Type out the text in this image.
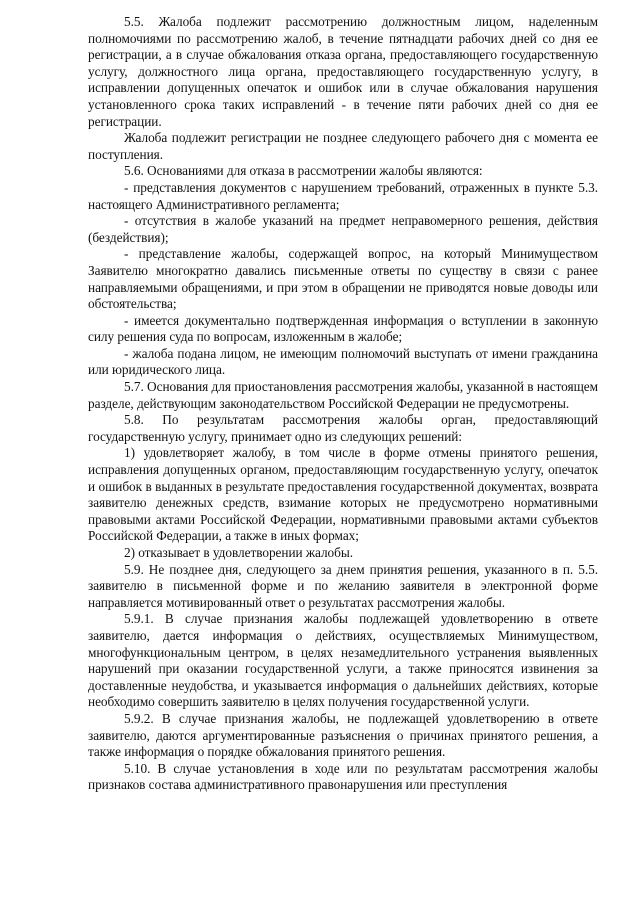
5.5. Жалоба подлежит рассмотрению должностным лицом, наделенным полномочиями по рассмотрению жалоб, в течение пятнадцати рабочих дней со дня ее регистрации, а в случае обжалования отказа органа, предоставляющего государственную услугу, должностного лица органа, предоставляющего государственную услугу, в исправлении допущенных опечаток и ошибок или в случае обжалования нарушения установленного срока таких исправлений - в течение пяти рабочих дней со дня ее регистрации.

Жалоба подлежит регистрации не позднее следующего рабочего дня с момента ее поступления.

5.6. Основаниями для отказа в рассмотрении жалобы являются:

- представления документов с нарушением требований, отраженных в пункте 5.3. настоящего Административного регламента;

- отсутствия в жалобе указаний на предмет неправомерного решения, действия (бездействия);

- представление жалобы, содержащей вопрос, на который Минимуществом Заявителю многократно давались письменные ответы по существу в связи с ранее направляемыми обращениями, и при этом в обращении не приводятся новые доводы или обстоятельства;

- имеется документально подтвержденная информация о вступлении в законную силу решения суда по вопросам, изложенным в жалобе;

- жалоба подана лицом, не имеющим полномочий выступать от имени гражданина или юридического лица.

5.7. Основания для приостановления рассмотрения жалобы, указанной в настоящем разделе, действующим законодательством Российской Федерации не предусмотрены.

5.8. По результатам рассмотрения жалобы орган, предоставляющий государственную услугу, принимает одно из следующих решений:

1) удовлетворяет жалобу, в том числе в форме отмены принятого решения, исправления допущенных органом, предоставляющим государственную услугу, опечаток и ошибок в выданных в результате предоставления государственной документах, возврата заявителю денежных средств, взимание которых не предусмотрено нормативными правовыми актами Российской Федерации, нормативными правовыми актами субъектов Российской Федерации, а также в иных формах;

2) отказывает в удовлетворении жалобы.

5.9. Не позднее дня, следующего за днем принятия решения, указанного в п. 5.5. заявителю в письменной форме и по желанию заявителя в электронной форме направляется мотивированный ответ о результатах рассмотрения жалобы.

5.9.1. В случае признания жалобы подлежащей удовлетворению в ответе заявителю, дается информация о действиях, осуществляемых Минимуществом, многофункциональным центром, в целях незамедлительного устранения выявленных нарушений при оказании государственной услуги, а также приносятся извинения за доставленные неудобства, и указывается информация о дальнейших действиях, которые необходимо совершить заявителю в целях получения государственной услуги.

5.9.2. В случае признания жалобы, не подлежащей удовлетворению в ответе заявителю, даются аргументированные разъяснения о причинах принятого решения, а также информация о порядке обжалования принятого решения.

5.10. В случае установления в ходе или по результатам рассмотрения жалобы признаков состава административного правонарушения или преступления
